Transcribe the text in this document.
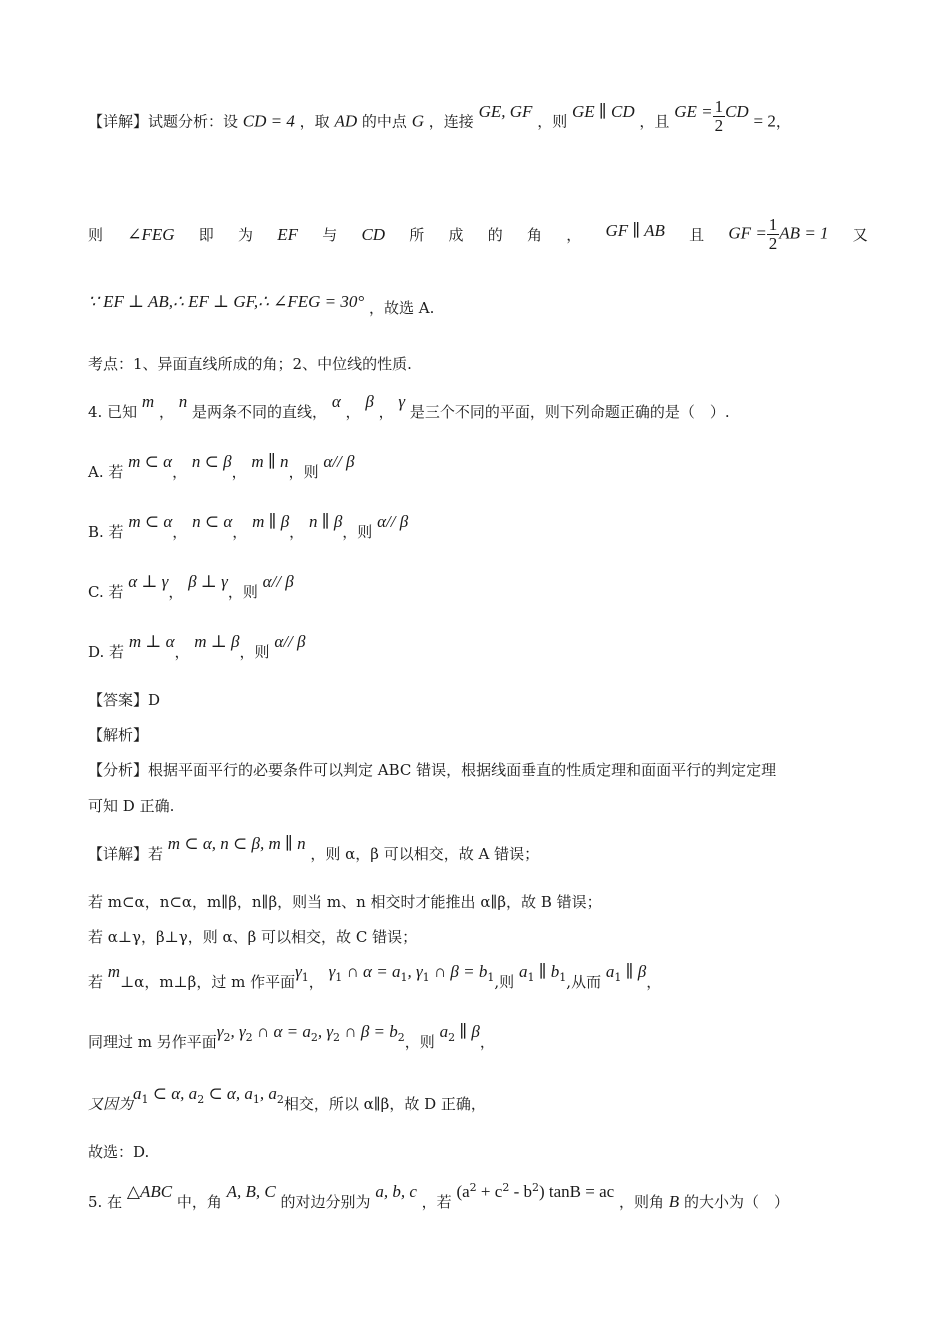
【详解】试题分析：设 CD = 4 ，取 AD 的中点 G ，连接 GE, GF ，则 GE ∥ CD ，且 GE = $\frac{1}{2}$ CD = 2，
则 ∠FEG 即 为 EF 与 CD 所 成 的 角 ， GF ∥ AB 且 GF = $\frac{1}{2}$ AB = 1 又
∵ EF ⊥ AB,∴ EF ⊥ GF,∴ ∠FEG = 30° ，故选 A.
考点：1、异面直线所成的角；2、中位线的性质.
4. 已知 m ， n 是两条不同的直线， α ， β ， γ 是三个不同的平面，则下列命题正确的是（　）.
A. 若 m ⊂ α， n ⊂ β， m ∥ n，则 α// β
B. 若 m ⊂ α， n ⊂ α， m ∥ β， n ∥ β，则 α// β
C. 若 α ⊥ γ， β ⊥ γ，则 α// β
D. 若 m ⊥ α， m ⊥ β，则 α// β
【答案】D
【解析】
【分析】根据平面平行的必要条件可以判定 ABC 错误，根据线面垂直的性质定理和面面平行的判定定理
可知 D 正确.
【详解】若 m ⊂ α, n ⊂ β, m ∥ n ，则 α，β 可以相交，故 A 错误；
若 m⊂α，n⊂α，m∥β，n∥β，则当 m、n 相交时才能推出 α∥β，故 B 错误；
若 α⊥γ，β⊥γ，则 α、β 可以相交，故 C 错误；
若 m⊥α，m⊥β，过 m 作平面$\gamma^1$， $\gamma^1$ ∩ $\alpha = a^1$, $\gamma^1$ ∩ $\beta = b^1$,则 $a^1$ ∥ $b^1$,从而 $a^1$ ∥ β，
同理过 m 另作平面$\gamma^2$, $\gamma^2$ ∩ $\alpha = a^2$, $\gamma^2$ ∩ $\beta = b^2$，则 $a^2$ ∥ β，
又因为$a^1$ ⊂ α, $a^2$ ⊂ α, $a^1$, $a^2$相交，所以 α∥β，故 D 正确，
故选：D.
5. 在 △ABC 中，角 A, B, C 的对边分别为 a, b, c ，若 $(a^2 + c^2 - b^2) \tan B$ = ac ，则角 B 的大小为（　）
